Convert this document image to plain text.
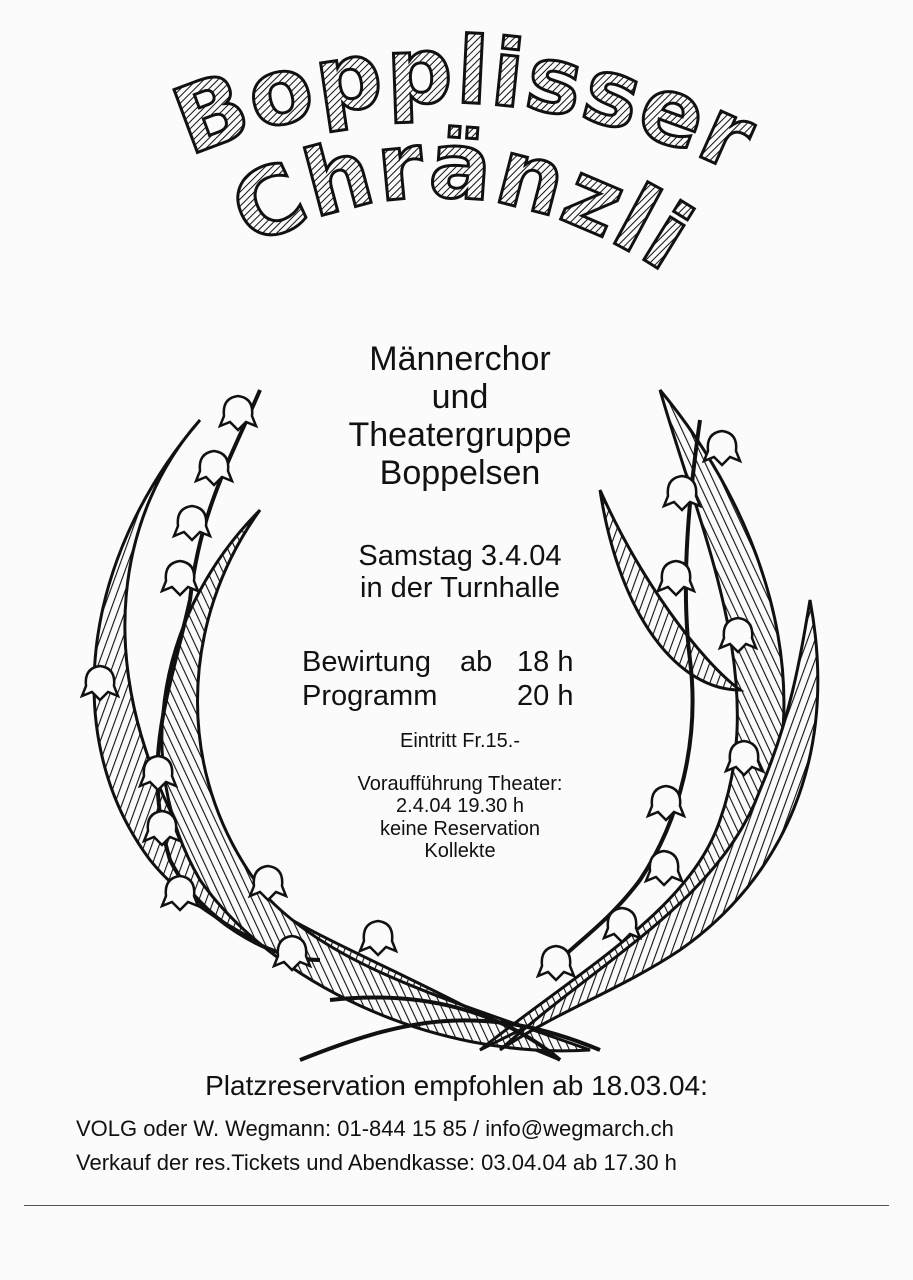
Bopplisser
Chränzli
Männerchor
und
Theatergruppe
Boppelsen
Samstag 3.4.04
in der Turnhalle
Bewirtung ab 18 h
Programm	20 h
Eintritt Fr.15.-
Voraufführung Theater:
2.4.04 19.30 h
keine Reservation
Kollekte
Platzreservation empfohlen ab 18.03.04:
VOLG oder W. Wegmann: 01-844 15 85 / info@wegmarch.ch
Verkauf der res.Tickets und Abendkasse: 03.04.04 ab 17.30 h
